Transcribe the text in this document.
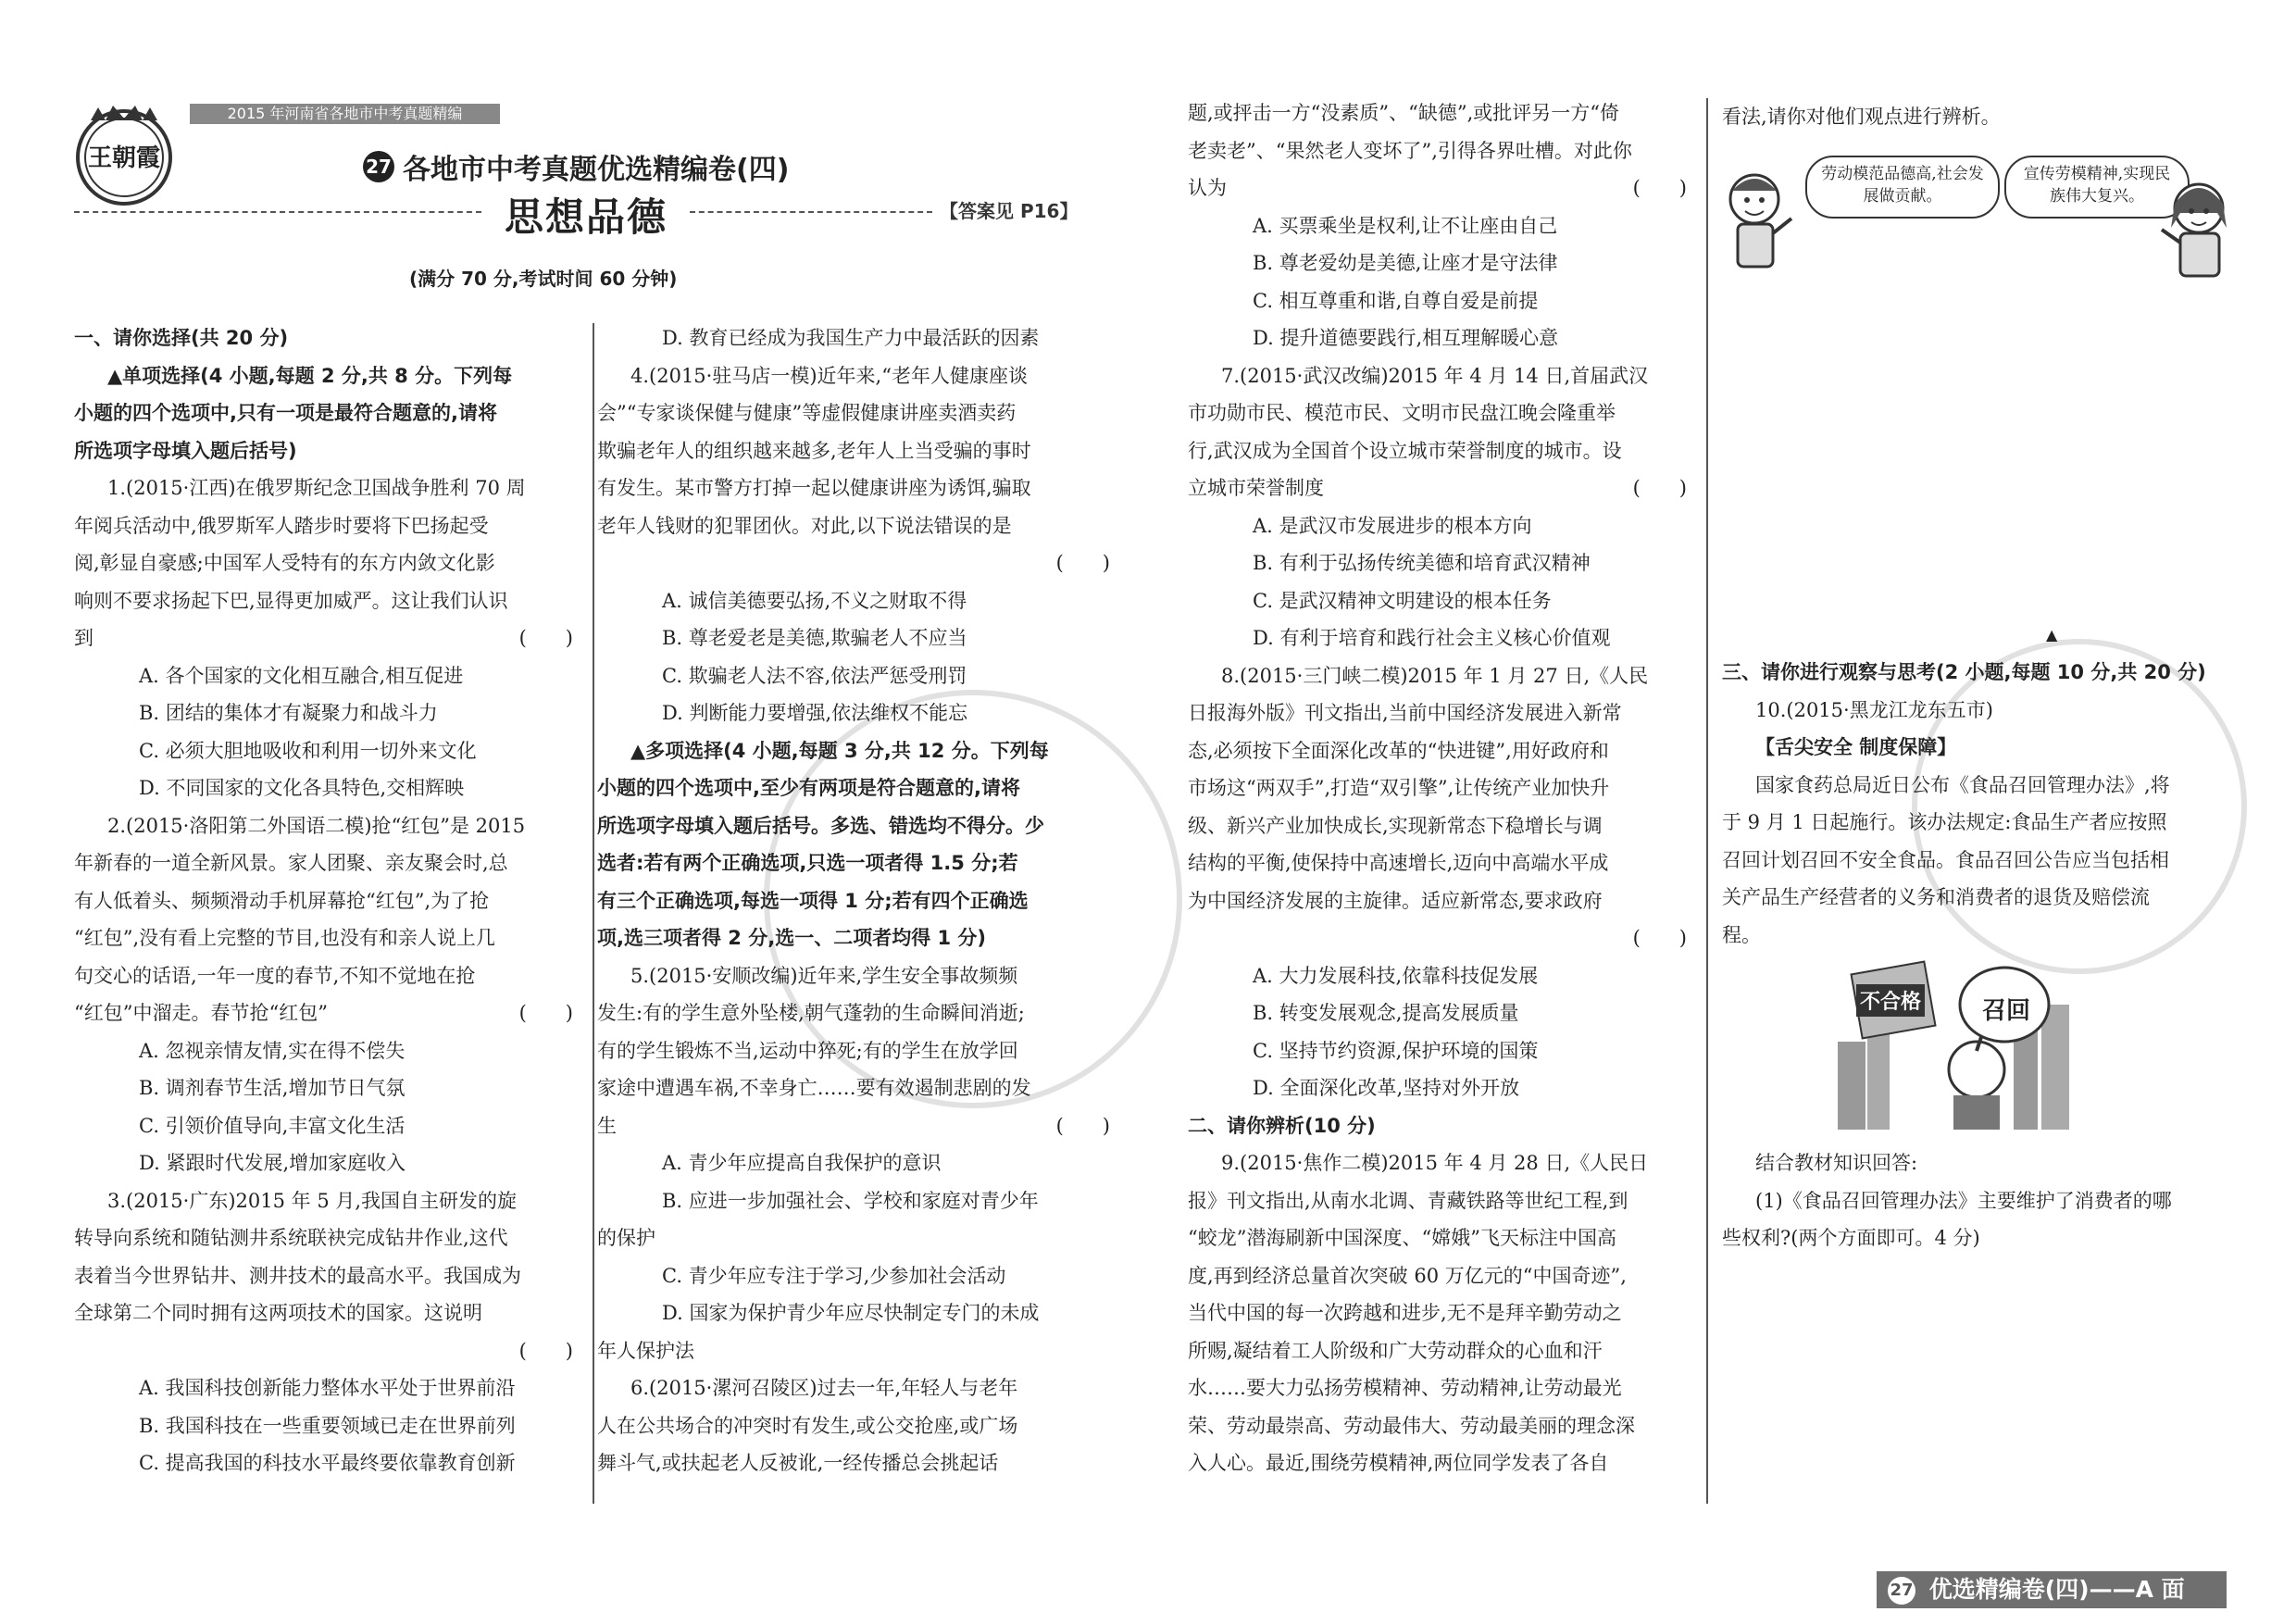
王朝霞
2015 年河南省各地市中考真题精编
27 各地市中考真题优选精编卷(四)
思想品德	【答案见 P16】
(满分 70 分,考试时间 60 分钟)
一、请你选择(共 20 分)
▲单项选择(4 小题,每题 2 分,共 8 分。下列每
小题的四个选项中,只有一项是最符合题意的,请将
所选项字母填入题后括号)
1.(2015·江西)在俄罗斯纪念卫国战争胜利 70 周
年阅兵活动中,俄罗斯军人踏步时要将下巴扬起受
阅,彰显自豪感;中国军人受特有的东方内敛文化影
响则不要求扬起下巴,显得更加威严。这让我们认识
到	(　　)
A. 各个国家的文化相互融合,相互促进
B. 团结的集体才有凝聚力和战斗力
C. 必须大胆地吸收和利用一切外来文化
D. 不同国家的文化各具特色,交相辉映
2.(2015·洛阳第二外国语二模)抢“红包”是 2015
年新春的一道全新风景。家人团聚、亲友聚会时,总
有人低着头、频频滑动手机屏幕抢“红包”,为了抢
“红包”,没有看上完整的节目,也没有和亲人说上几
句交心的话语,一年一度的春节,不知不觉地在抢
“红包”中溜走。春节抢“红包”	(　　)
A. 忽视亲情友情,实在得不偿失
B. 调剂春节生活,增加节日气氛
C. 引领价值导向,丰富文化生活
D. 紧跟时代发展,增加家庭收入
3.(2015·广东)2015 年 5 月,我国自主研发的旋
转导向系统和随钻测井系统联袂完成钻井作业,这代
表着当今世界钻井、测井技术的最高水平。我国成为
全球第二个同时拥有这两项技术的国家。这说明
(　　)
A. 我国科技创新能力整体水平处于世界前沿
B. 我国科技在一些重要领域已走在世界前列
C. 提高我国的科技水平最终要依靠教育创新
D. 教育已经成为我国生产力中最活跃的因素
4.(2015·驻马店一模)近年来,“老年人健康座谈
会”“专家谈保健与健康”等虚假健康讲座卖酒卖药
欺骗老年人的组织越来越多,老年人上当受骗的事时
有发生。某市警方打掉一起以健康讲座为诱饵,骗取
老年人钱财的犯罪团伙。对此,以下说法错误的是
(　　)
A. 诚信美德要弘扬,不义之财取不得
B. 尊老爱老是美德,欺骗老人不应当
C. 欺骗老人法不容,依法严惩受刑罚
D. 判断能力要增强,依法维权不能忘
▲多项选择(4 小题,每题 3 分,共 12 分。下列每
小题的四个选项中,至少有两项是符合题意的,请将
所选项字母填入题后括号。多选、错选均不得分。少
选者:若有两个正确选项,只选一项者得 1.5 分;若
有三个正确选项,每选一项得 1 分;若有四个正确选
项,选三项者得 2 分,选一、二项者均得 1 分)
5.(2015·安顺改编)近年来,学生安全事故频频
发生:有的学生意外坠楼,朝气蓬勃的生命瞬间消逝;
有的学生锻炼不当,运动中猝死;有的学生在放学回
家途中遭遇车祸,不幸身亡……要有效遏制悲剧的发
生	(　　)
A. 青少年应提高自我保护的意识
B. 应进一步加强社会、学校和家庭对青少年
的保护
C. 青少年应专注于学习,少参加社会活动
D. 国家为保护青少年应尽快制定专门的未成
年人保护法
6.(2015·漯河召陵区)过去一年,年轻人与老年
人在公共场合的冲突时有发生,或公交抢座,或广场
舞斗气,或扶起老人反被讹,一经传播总会挑起话
题,或抨击一方“没素质”、“缺德”,或批评另一方“倚
老卖老”、“果然老人变坏了”,引得各界吐槽。对此你
认为	(　　)
A. 买票乘坐是权利,让不让座由自己
B. 尊老爱幼是美德,让座才是守法律
C. 相互尊重和谐,自尊自爱是前提
D. 提升道德要践行,相互理解暖心意
7.(2015·武汉改编)2015 年 4 月 14 日,首届武汉
市功勋市民、模范市民、文明市民盘江晚会隆重举
行,武汉成为全国首个设立城市荣誉制度的城市。设
立城市荣誉制度	(　　)
A. 是武汉市发展进步的根本方向
B. 有利于弘扬传统美德和培育武汉精神
C. 是武汉精神文明建设的根本任务
D. 有利于培育和践行社会主义核心价值观
8.(2015·三门峡二模)2015 年 1 月 27 日,《人民
日报海外版》刊文指出,当前中国经济发展进入新常
态,必须按下全面深化改革的“快进键”,用好政府和
市场这“两双手”,打造“双引擎”,让传统产业加快升
级、新兴产业加快成长,实现新常态下稳增长与调
结构的平衡,使保持中高速增长,迈向中高端水平成
为中国经济发展的主旋律。适应新常态,要求政府
(　　)
A. 大力发展科技,依靠科技促发展
B. 转变发展观念,提高发展质量
C. 坚持节约资源,保护环境的国策
D. 全面深化改革,坚持对外开放
二、请你辨析(10 分)
9.(2015·焦作二模)2015 年 4 月 28 日,《人民日
报》刊文指出,从南水北调、青藏铁路等世纪工程,到
“蛟龙”潜海刷新中国深度、“嫦娥”飞天标注中国高
度,再到经济总量首次突破 60 万亿元的“中国奇迹”,
当代中国的每一次跨越和进步,无不是拜辛勤劳动之
所赐,凝结着工人阶级和广大劳动群众的心血和汗
水……要大力弘扬劳模精神、劳动精神,让劳动最光
荣、劳动最崇高、劳动最伟大、劳动最美丽的理念深
入人心。最近,围绕劳模精神,两位同学发表了各自
看法,请你对他们观点进行辨析。
劳动模范品德高,社会发展做贡献。
宣传劳模精神,实现民族伟大复兴。
▲
三、请你进行观察与思考(2 小题,每题 10 分,共 20 分)
10.(2015·黑龙江龙东五市)
【舌尖安全 制度保障】
国家食药总局近日公布《食品召回管理办法》,将
于 9 月 1 日起施行。该办法规定:食品生产者应按照
召回计划召回不安全食品。食品召回公告应当包括相
关产品生产经营者的义务和消费者的退货及赔偿流
程。
不合格	召回
结合教材知识回答:
(1)《食品召回管理办法》主要维护了消费者的哪
些权利?(两个方面即可。4 分)
27 优选精编卷(四)——A 面
